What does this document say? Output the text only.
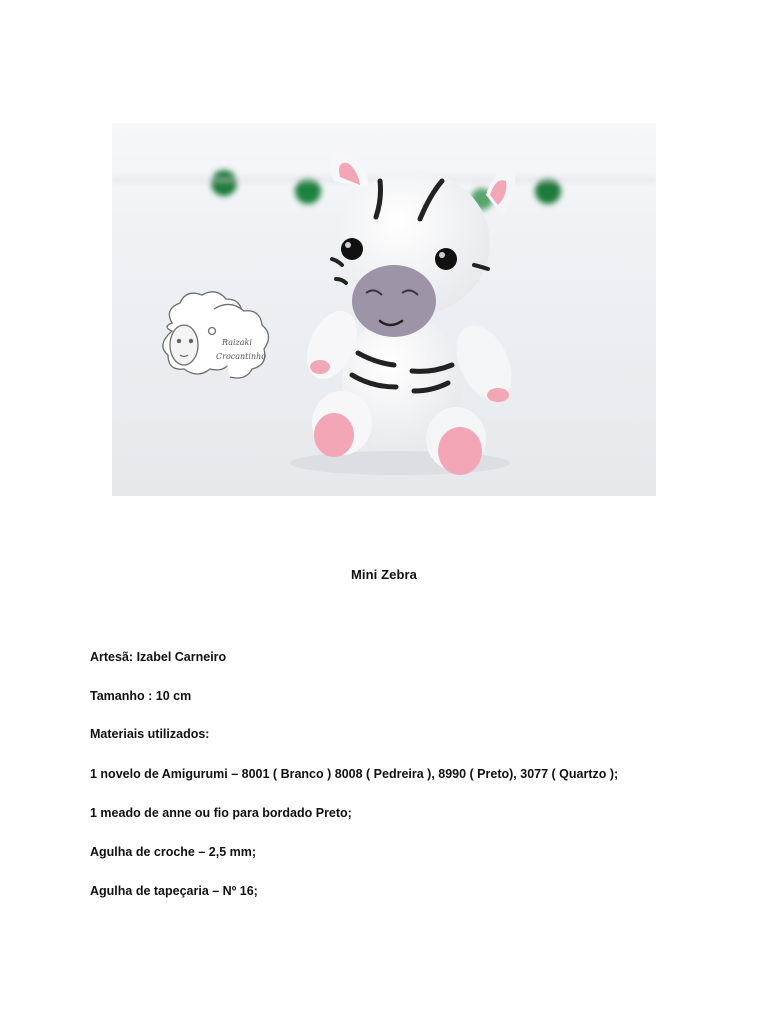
Raizaki
Crocantinho
Mini Zebra
Artesã: Izabel Carneiro
Tamanho : 10 cm
Materiais utilizados:
1 novelo de Amigurumi – 8001 ( Branco ) 8008 ( Pedreira ), 8990 ( Preto), 3077 ( Quartzo );
1 meado de anne ou fio para bordado Preto;
Agulha de croche – 2,5 mm;
Agulha de tapeçaria – Nº 16;
